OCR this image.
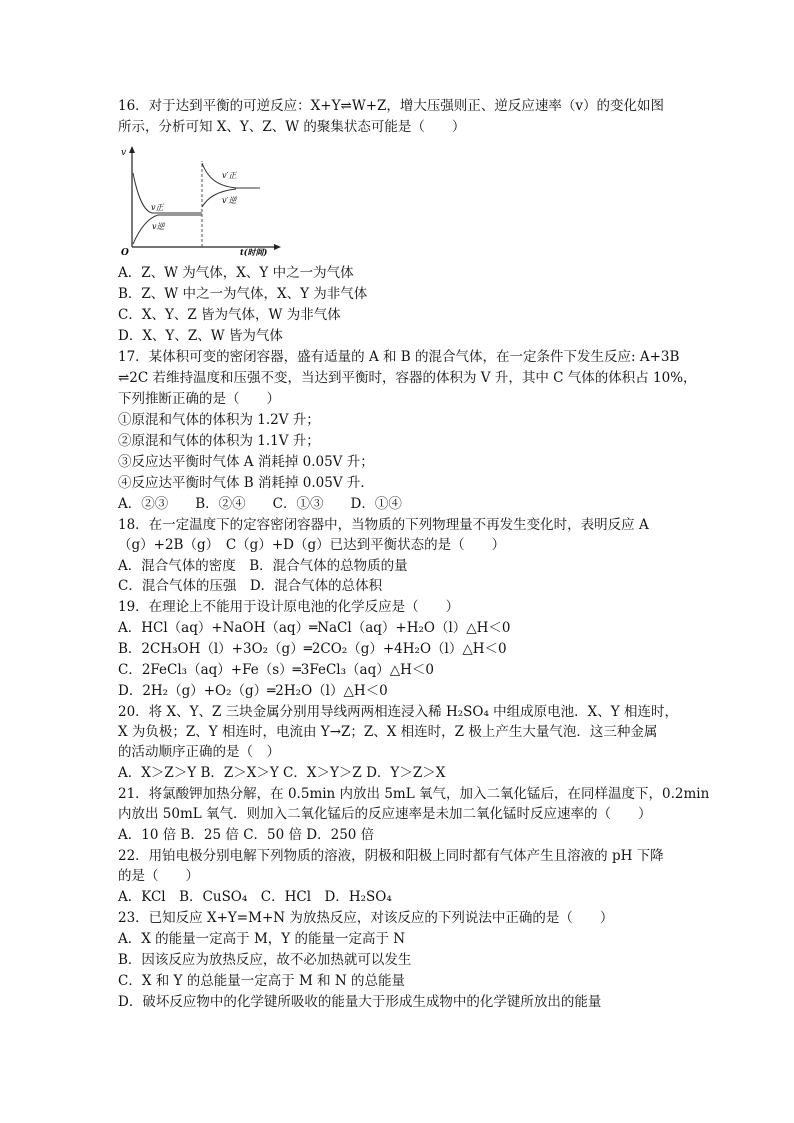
16．对于达到平衡的可逆反应：X+Y⇌W+Z，增大压强则正、逆反应速率（v）的变化如图
所示，分析可知 X、Y、Z、W 的聚集状态可能是（　　）
v
O	t(时间)
v正
v逆
v′正
v′逆
A．Z、W 为气体，X、Y 中之一为气体
B．Z、W 中之一为气体，X、Y 为非气体
C．X、Y、Z 皆为气体，W 为非气体
D．X、Y、Z、W 皆为气体
17．某体积可变的密闭容器，盛有适量的 A 和 B 的混合气体，在一定条件下发生反应: A+3B
⇌2C 若维持温度和压强不变，当达到平衡时，容器的体积为 V 升，其中 C 气体的体积占 10%，
下列推断正确的是（　　）
①原混和气体的体积为 1.2V 升；
②原混和气体的体积为 1.1V 升；
③反应达平衡时气体 A 消耗掉 0.05V 升；
④反应达平衡时气体 B 消耗掉 0.05V 升．
A．②③　　B．②④　　C．①③　　D．①④
18．在一定温度下的定容密闭容器中，当物质的下列物理量不再发生变化时，表明反应 A
（g）+2B（g）　C（g）+D（g）已达到平衡状态的是（　　）
A．混合气体的密度　B．混合气体的总物质的量
C．混合气体的压强　D．混合气体的总体积
19．在理论上不能用于设计原电池的化学反应是（　　）
A．HCl（aq）+NaOH（aq）═NaCl（aq）+H₂O（l）△H＜0
B．2CH₃OH（l）+3O₂（g）═2CO₂（g）+4H₂O（l）△H＜0
C．2FeCl₃（aq）+Fe（s）═3FeCl₃（aq）△H＜0
D．2H₂（g）+O₂（g）═2H₂O（l）△H＜0
20．将 X、Y、Z 三块金属分别用导线两两相连浸入稀 H₂SO₄ 中组成原电池．X、Y 相连时，
X 为负极；Z、Y 相连时，电流由 Y→Z；Z、X 相连时，Z 极上产生大量气泡．这三种金属
的活动顺序正确的是（　）
A．X＞Z＞Y B．Z＞X＞Y C．X＞Y＞Z D．Y＞Z＞X
21．将氯酸钾加热分解，在 0.5min 内放出 5mL 氧气，加入二氧化锰后，在同样温度下，0.2min
内放出 50mL 氧气．则加入二氧化锰后的反应速率是未加二氧化锰时反应速率的（　　）
A．10 倍 B．25 倍 C．50 倍 D．250 倍
22．用铂电极分别电解下列物质的溶液，阴极和阳极上同时都有气体产生且溶液的 pH 下降
的是（　　）
A．KCl　B．CuSO₄　C．HCl　D．H₂SO₄
23．已知反应 X+Y=M+N 为放热反应，对该反应的下列说法中正确的是（　　）
A．X 的能量一定高于 M，Y 的能量一定高于 N
B．因该反应为放热反应，故不必加热就可以发生
C．X 和 Y 的总能量一定高于 M 和 N 的总能量
D．破坏反应物中的化学键所吸收的能量大于形成生成物中的化学键所放出的能量
